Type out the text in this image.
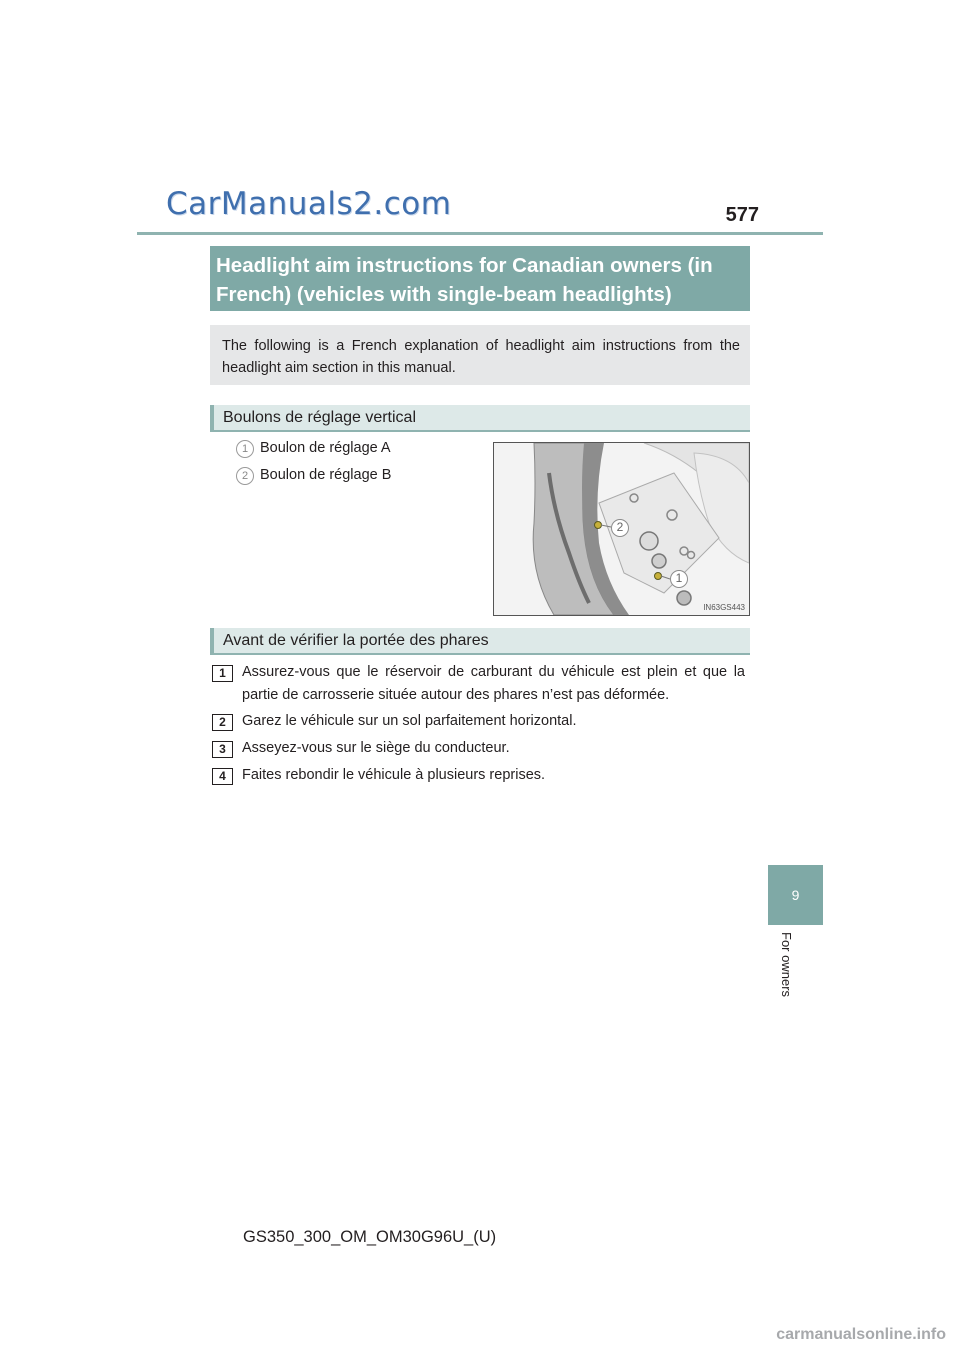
CarManuals2.com	577
Headlight aim instructions for Canadian owners (in
French) (vehicles with single-beam headlights)
The following is a French explanation of headlight aim instructions from the headlight aim section in this manual.
Boulons de réglage vertical
1 Boulon de réglage A
2 Boulon de réglage B
2
1
IN63GS443
Avant de vérifier la portée des phares
1	Assurez-vous que le réservoir de carburant du véhicule est plein et que la partie de carrosserie située autour des phares n’est pas déformée.
2	Garez le véhicule sur un sol parfaitement horizontal.
3	Asseyez-vous sur le siège du conducteur.
4	Faites rebondir le véhicule à plusieurs reprises.
9
For owners
GS350_300_OM_OM30G96U_(U)
carmanualsonline.info
